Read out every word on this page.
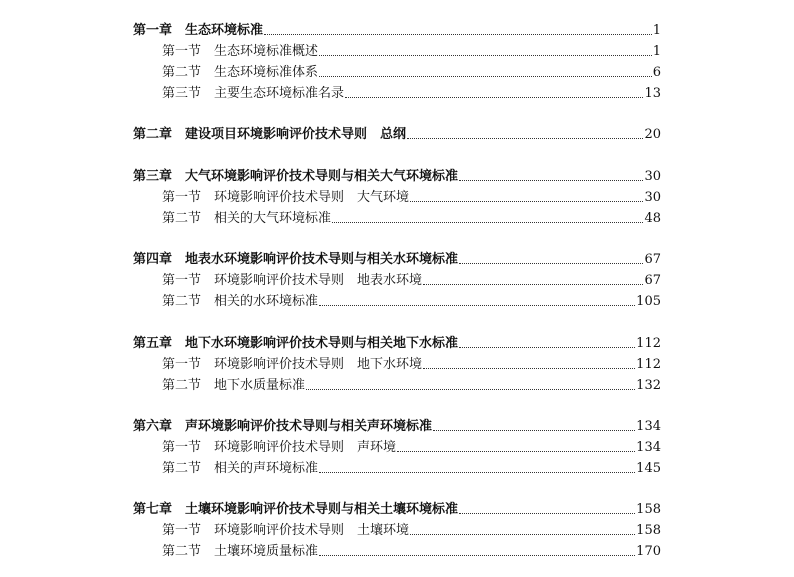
第一章　生态环境标准	1
第一节　生态环境标准概述	1
第二节　生态环境标准体系	6
第三节　主要生态环境标准名录	13
第二章　建设项目环境影响评价技术导则　总纲	20
第三章　大气环境影响评价技术导则与相关大气环境标准	30
第一节　环境影响评价技术导则　大气环境	30
第二节　相关的大气环境标准	48
第四章　地表水环境影响评价技术导则与相关水环境标准	67
第一节　环境影响评价技术导则　地表水环境	67
第二节　相关的水环境标准	105
第五章　地下水环境影响评价技术导则与相关地下水标准	112
第一节　环境影响评价技术导则　地下水环境	112
第二节　地下水质量标准	132
第六章　声环境影响评价技术导则与相关声环境标准	134
第一节　环境影响评价技术导则　声环境	134
第二节　相关的声环境标准	145
第七章　土壤环境影响评价技术导则与相关土壤环境标准	158
第一节　环境影响评价技术导则　土壤环境	158
第二节　土壤环境质量标准	170
